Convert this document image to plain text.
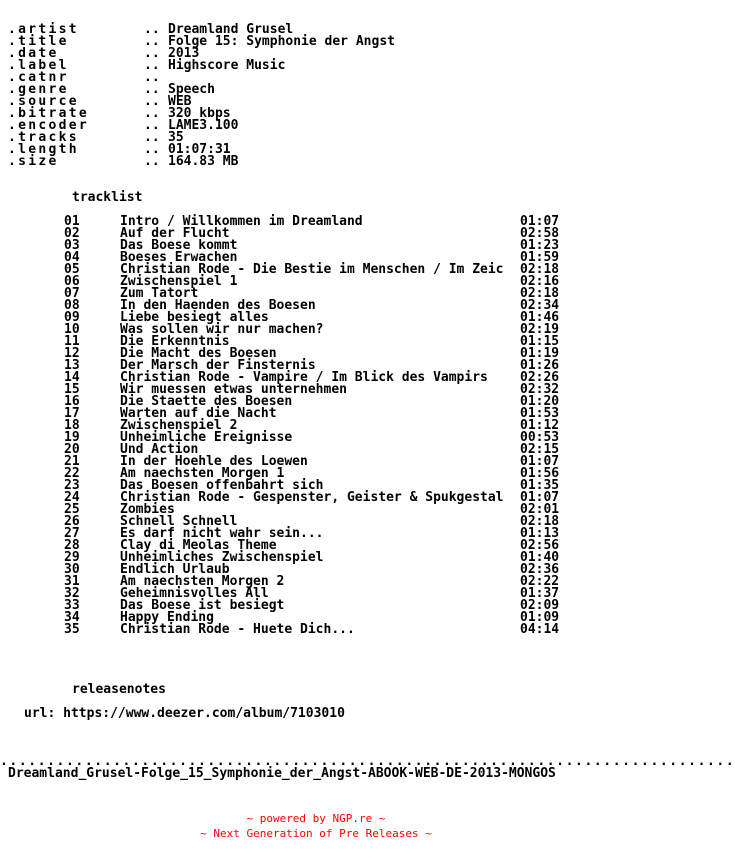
.artist	.. Dreamland Grusel
.title	.. Folge 15: Symphonie der Angst
.date	.. 2013
.label	.. Highscore Music
.catnr	..
.genre	.. Speech
.source	.. WEB
.bitrate	.. 320 kbps
.encoder	.. LAME3.100
.tracks	.. 35
.length	.. 01:07:31
.size	.. 164.83 MB
tracklist
01	Intro / Willkommen im Dreamland	01:07
02	Auf der Flucht	02:58
03	Das Boese kommt	01:23
04	Boeses Erwachen	01:59
05	Christian Rode - Die Bestie im Menschen / Im Zeic	02:18
06	Zwischenspiel 1	02:16
07	Zum Tatort	02:18
08	In den Haenden des Boesen	02:34
09	Liebe besiegt alles	01:46
10	Was sollen wir nur machen?	02:19
11	Die Erkenntnis	01:15
12	Die Macht des Boesen	01:19
13	Der Marsch der Finsternis	01:26
14	Christian Rode - Vampire / Im Blick des Vampirs	02:26
15	Wir muessen etwas unternehmen	02:32
16	Die Staette des Boesen	01:20
17	Warten auf die Nacht	01:53
18	Zwischenspiel 2	01:12
19	Unheimliche Ereignisse	00:53
20	Und Action	02:15
21	In der Hoehle des Loewen	01:07
22	Am naechsten Morgen 1	01:56
23	Das Boesen offenbahrt sich	01:35
24	Christian Rode - Gespenster, Geister & Spukgestal	01:07
25	Zombies	02:01
26	Schnell Schnell	02:18
27	Es darf nicht wahr sein...	01:13
28	Clay di Meolas Theme	02:56
29	Unheimliches Zwischenspiel	01:40
30	Endlich Urlaub	02:36
31	Am naechsten Morgen 2	02:22
32	Geheimnisvolles All	01:37
33	Das Boese ist besiegt	02:09
34	Happy Ending	01:09
35	Christian Rode - Huete Dich...	04:14
releasenotes
url: https://www.deezer.com/album/7103010
..............................................................................
Dreamland_Grusel-Folge_15_Symphonie_der_Angst-ABOOK-WEB-DE-2013-MONGOS
~ powered by NGP.re ~
~ Next Generation of Pre Releases ~
